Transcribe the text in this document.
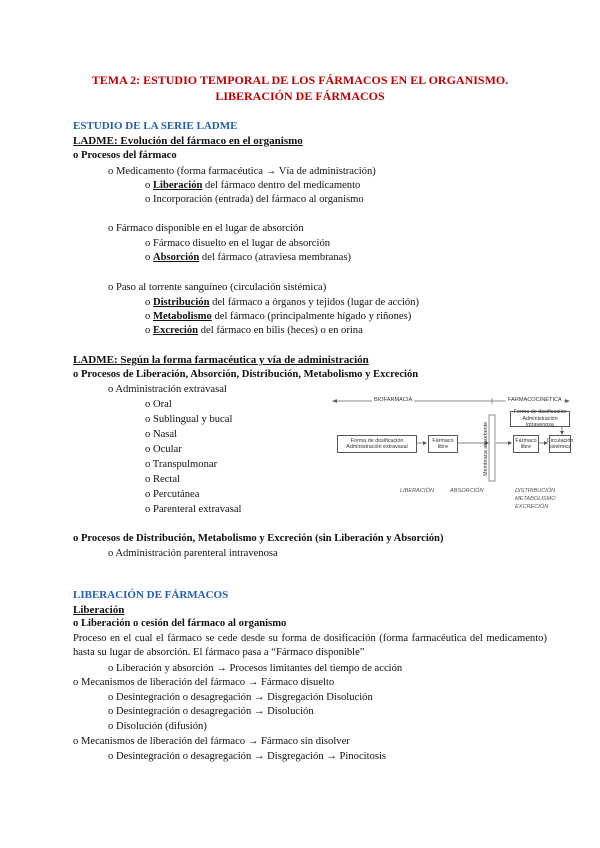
TEMA 2: ESTUDIO TEMPORAL DE LOS FÁRMACOS EN EL ORGANISMO.
LIBERACIÓN DE FÁRMACOS
ESTUDIO DE LA SERIE LADME
LADME: Evolución del fármaco en el organismo
o Procesos del fármaco
o Medicamento (forma farmacéutica → Vía de administración)
o Liberación del fármaco dentro del medicamento
o Incorporación (entrada) del fármaco al organismo
o Fármaco disponible en el lugar de absorción
o Fármaco disuelto en el lugar de absorción
o Absorción del fármaco (atraviesa membranas)
o Paso al torrente sanguíneo (circulación sistémica)
o Distribución del fármaco a órganos y tejidos (lugar de acción)
o Metabolismo del fármaco (principalmente hígado y riñones)
o Excreción del fármaco en bilis (heces) o en orina
LADME: Según la forma farmacéutica y vía de administración
o Procesos de Liberación, Absorción, Distribución, Metabolismo y Excreción
o Administración extravasal
o Oral
o Sublingual y bucal
o Nasal
o Ocular
o Transpulmonar
o Rectal
o Percutánea
o Parenteral extravasal
BIOFARMACIA	FARMACOCINÉTICA
Forma de dosificación Administración extravasal
Fármaco libre	Membrana absorbente
Forma de dosificación Administración intravenosa
Fármaco libre
Circulación sistémica
LIBERACIÓN	ABSORCIÓN	DISTRIBUCIÓN
METABOLISMO
EXCRECIÓN
o Procesos de Distribución, Metabolismo y Excreción (sin Liberación y Absorción)
o Administración parenteral intravenosa
LIBERACIÓN DE FÁRMACOS
Liberación
o Liberación o cesión del fármaco al organismo
Proceso en el cual el fármaco se cede desde su forma de dosificación (forma farmacéutica del medicamento) hasta su lugar de absorción. El fármaco pasa a “Fármaco disponible”
o Liberación y absorción → Procesos limitantes del tiempo de acción
o Mecanismos de liberación del fármaco → Fármaco disuelto
o Desintegración o desagregación → Disgregación Disolución
o Desintegración o desagregación → Disolución
o Disolución (difusión)
o Mecanismos de liberación del fármaco → Fármaco sin disolver
o Desintegración o desagregación → Disgregación → Pinocitosis
